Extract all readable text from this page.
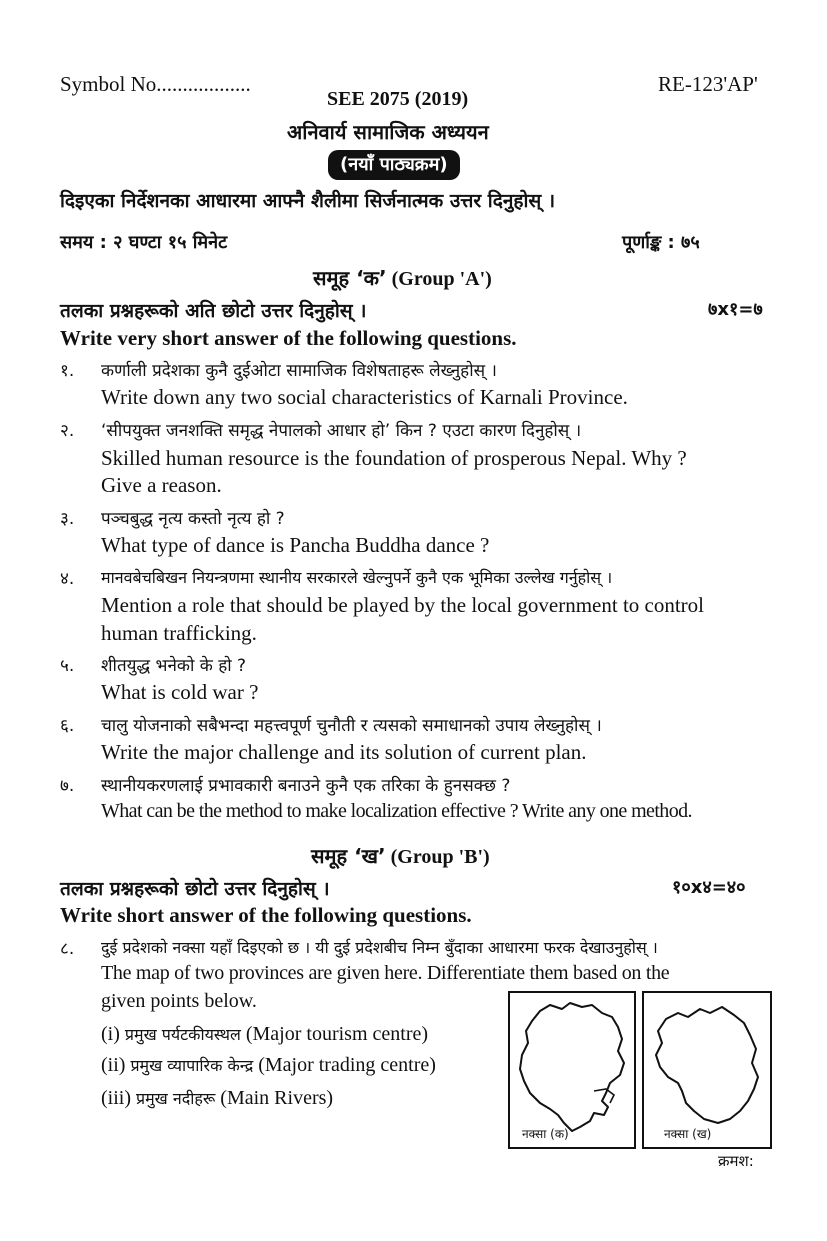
Symbol No..................	RE-123'AP'
SEE 2075 (2019)
अनिवार्य सामाजिक अध्ययन
(नयाँ पाठ्यक्रम)
दिइएका निर्देशनका आधारमा आफ्नै शैलीमा सिर्जनात्मक उत्तर दिनुहोस् ।
समय : २ घण्टा १५ मिनेट	पूर्णाङ्क : ७५
समूह ‘क’ (Group 'A')
तलका प्रश्नहरूको अति छोटो उत्तर दिनुहोस् ।	७x१=७
Write very short answer of the following questions.
१. कर्णाली प्रदेशका कुनै दुईओटा सामाजिक विशेषताहरू लेख्नुहोस् ।
Write down any two social characteristics of Karnali Province.
२. ‘सीपयुक्त जनशक्ति समृद्ध नेपालको आधार हो’ किन ? एउटा कारण दिनुहोस् ।
Skilled human resource is the foundation of prosperous Nepal. Why ?
Give a reason.
३. पञ्चबुद्ध नृत्य कस्तो नृत्य हो ?
What type of dance is Pancha Buddha dance ?
४. मानवबेचबिखन नियन्त्रणमा स्थानीय सरकारले खेल्नुपर्ने कुनै एक भूमिका उल्लेख गर्नुहोस् ।
Mention a role that should be played by the local government to control
human trafficking.
५. शीतयुद्ध भनेको के हो ?
What is cold war ?
६. चालु योजनाको सबैभन्दा महत्त्वपूर्ण चुनौती र त्यसको समाधानको उपाय लेख्नुहोस् ।
Write the major challenge and its solution of current plan.
७. स्थानीयकरणलाई प्रभावकारी बनाउने कुनै एक तरिका के हुनसक्छ ?
What can be the method to make localization effective ? Write any one method.
समूह ‘ख’ (Group 'B')
तलका प्रश्नहरूको छोटो उत्तर दिनुहोस् ।	१०x४=४०
Write short answer of the following questions.
८. दुई प्रदेशको नक्सा यहाँ दिइएको छ । यी दुई प्रदेशबीच निम्न बुँदाका आधारमा फरक देखाउनुहोस् ।
The map of two provinces are given here. Differentiate them based on the
given points below.
(i) प्रमुख पर्यटकीयस्थल (Major tourism centre)
(ii) प्रमुख व्यापारिक केन्द्र (Major trading centre)
(iii) प्रमुख नदीहरू (Main Rivers)
नक्सा (क)	नक्सा (ख)
क्रमश:
